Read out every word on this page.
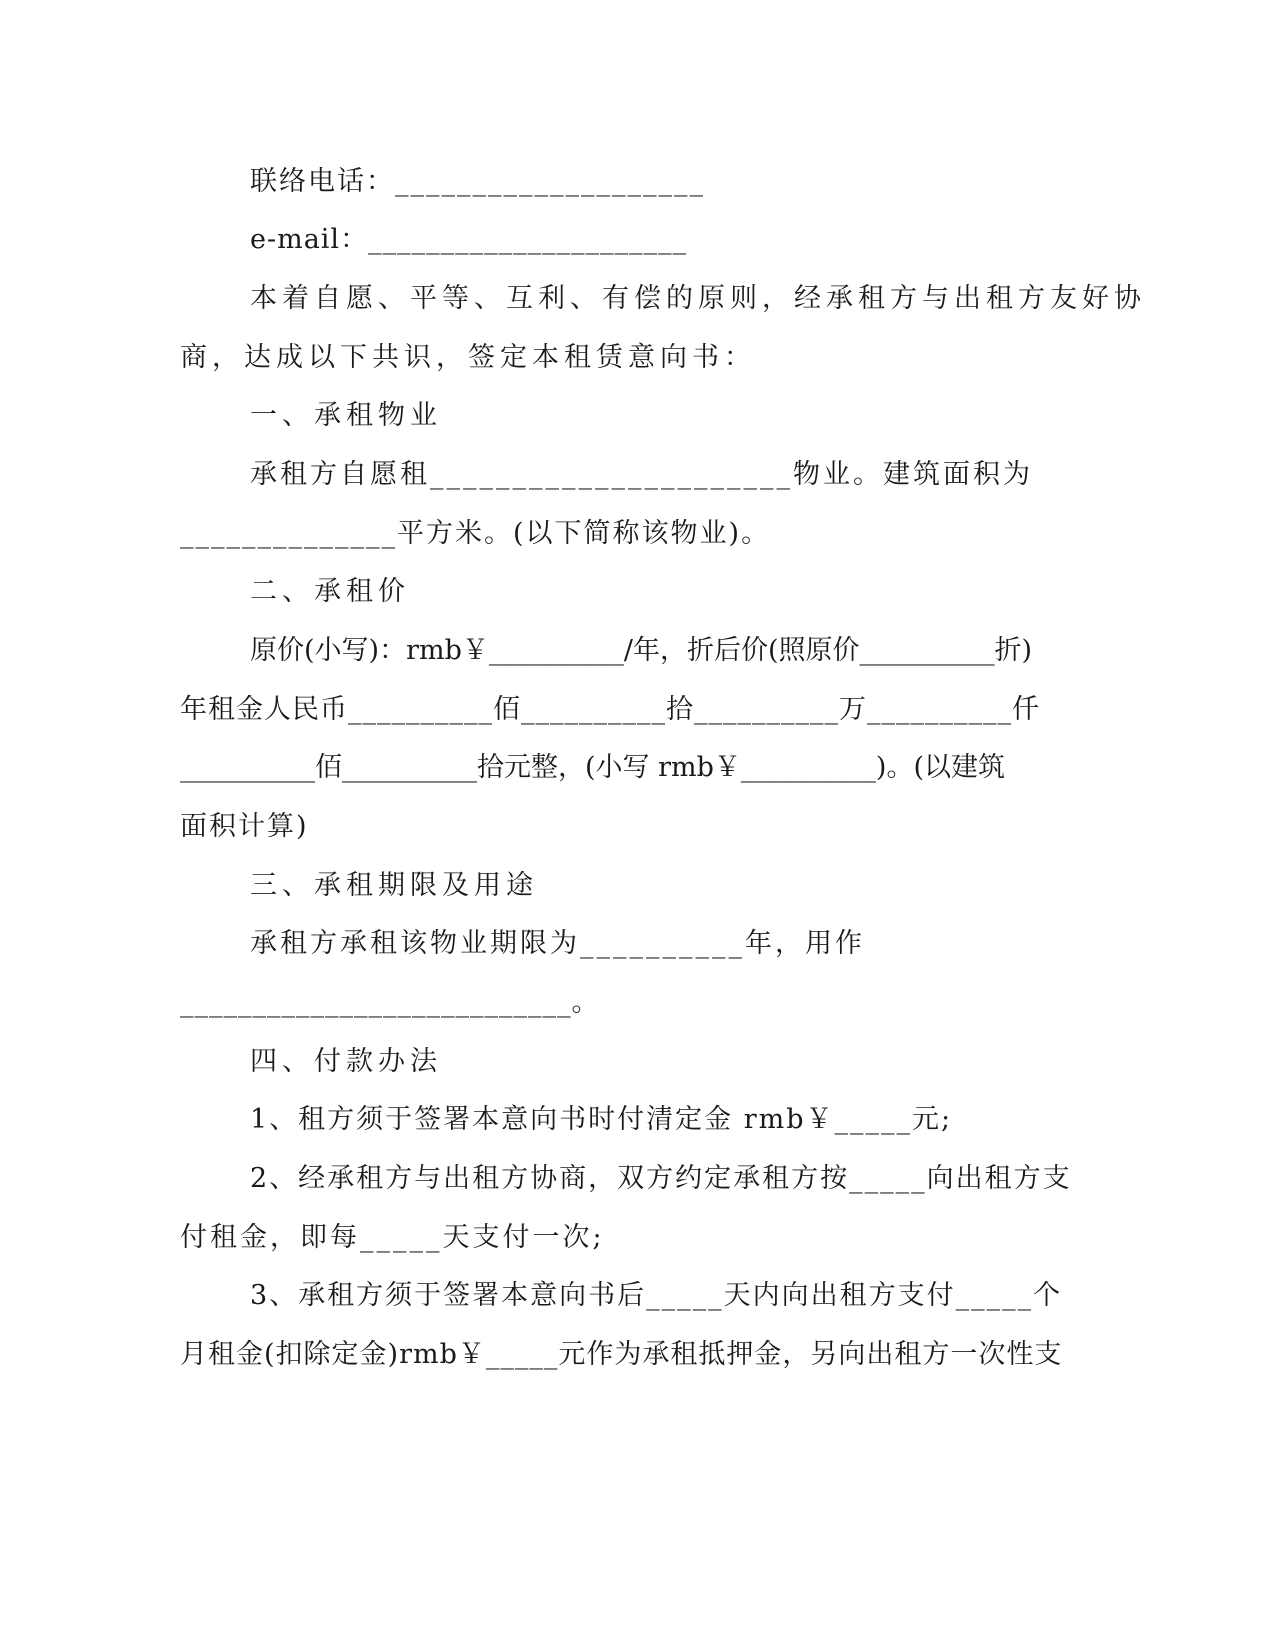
联络电话：____________________
e-mail：______________________
本着自愿、平等、互利、有偿的原则，经承租方与出租方友好协
商，达成以下共识，签定本租赁意向书：
一、承租物业
承租方自愿租______________________物业。建筑面积为
______________平方米。(以下简称该物业)。
二、承租价
原价(小写)：rmb￥__________/年，折后价(照原价__________折)
年租金人民币__________佰__________拾__________万__________仟
__________佰__________拾元整，(小写 rmb￥__________)。(以建筑
面积计算)
三、承租期限及用途
承租方承租该物业期限为__________年，用作
___________________________。
四、付款办法
1、租方须于签署本意向书时付清定金 rmb￥_____元;
2、经承租方与出租方协商，双方约定承租方按_____向出租方支
付租金，即每_____天支付一次;
3、承租方须于签署本意向书后_____天内向出租方支付_____个
月租金(扣除定金)rmb￥_____元作为承租抵押金，另向出租方一次性支
